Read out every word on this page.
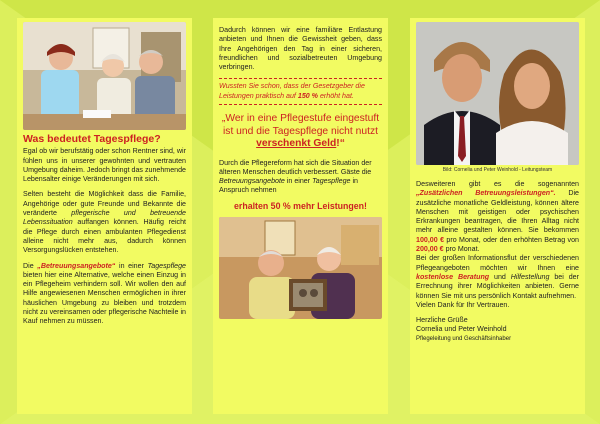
Was bedeutet Tagespflege?

Egal ob wir berufstätig oder schon Rentner sind, wir fühlen uns in unserer gewohnten und vertrauten Umgebung daheim. Jedoch bringt das zunehmende Lebensalter einige Veränderungen mit sich.

Selten besteht die Möglichkeit dass die Familie, Angehörige oder gute Freunde und Bekannte die veränderte pflegerische und betreuende Lebenssituation auffangen können. Häufig reicht die Pflege durch einen ambulanten Pflegedienst alleine nicht mehr aus, dadurch können Versorgungslücken entstehen.

Die „Betreuungsangebote“ in einer Tagespflege bieten hier eine Alternative, welche einen Einzug in ein Pflegeheim verhindern soll. Wir wollen den auf Hilfe angewiesenen Menschen ermöglichen in ihrer häuslichen Umgebung zu bleiben und trotzdem nicht zu vereinsamen oder pflegerische Nachteile in Kauf nehmen zu müssen.

Dadurch können wir eine familiäre Entlastung anbieten und Ihnen die Gewissheit geben, dass Ihre Angehörigen den Tag in einer sicheren, freundlichen und sozialbetreuten Umgebung verbringen.

Wussten Sie schon, dass der Gesetzgeber die Leistungen praktisch auf 150 % erhöht hat.
„Wer in eine Pflegestufe eingestuft ist und die Tagespflege nicht nutzt verschenkt Geld!“

Durch die Pflegereform hat sich die Situation der älteren Menschen deutlich verbessert. Gäste die Betreuungsangebote in einer Tagespflege in Anspruch nehmen

erhalten 50 % mehr Leistungen!
Bild: Cornelia und Peter Weinhold - Leitungsteam

Desweiteren gibt es die sogenannten „Zusätzlichen Betreuungsleistungen“. Die zusätzliche monatliche Geldleistung, können ältere Menschen mit geistigen oder psychischen Erkrankungen beantragen, die Ihren Alltag nicht mehr alleine gestalten können. Sie bekommen 100,00 € pro Monat, oder den erhöhten Betrag von 200,00 € pro Monat.
Bei der großen Informationsflut der verschiedenen Pflegeangeboten möchten wir Ihnen eine kostenlose Beratung und Hilfestellung bei der Errechnung ihrer Möglichkeiten anbieten. Gerne können Sie mit uns persönlich Kontakt aufnehmen.
Vielen Dank für Ihr Vertrauen.

Herzliche Grüße

Cornelia und Peter Weinhold

Pflegeleitung und Geschäftsinhaber
